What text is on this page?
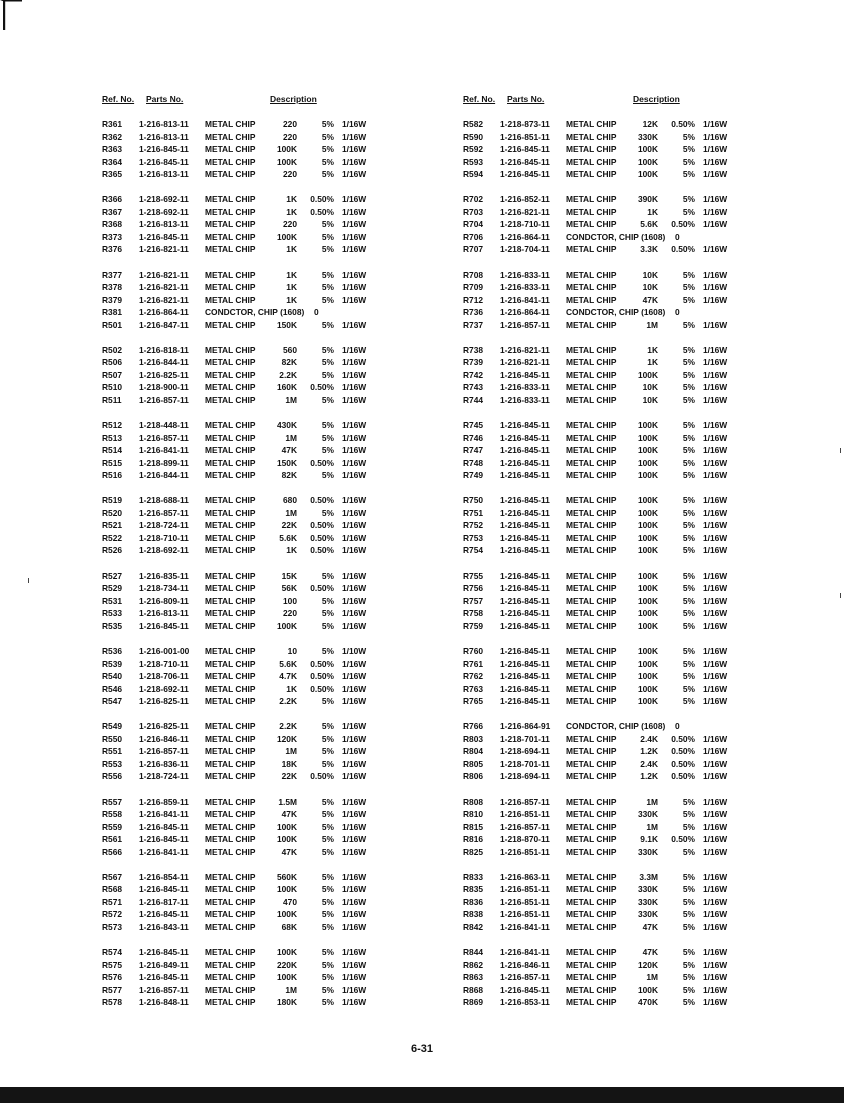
Ref. No. Parts No.	Description
R361 1-216-813-11 METAL CHIP	220	5% 1/16W
R362 1-216-813-11 METAL CHIP	220	5% 1/16W
R363 1-216-845-11 METAL CHIP	100K	5% 1/16W
R364 1-216-845-11 METAL CHIP	100K	5% 1/16W
R365 1-216-813-11 METAL CHIP	220	5% 1/16W
R366 1-218-692-11 METAL CHIP	1K 0.50% 1/16W
R367 1-218-692-11 METAL CHIP	1K 0.50% 1/16W
R368 1-216-813-11 METAL CHIP	220	5% 1/16W
R373 1-216-845-11 METAL CHIP	100K	5% 1/16W
R376 1-216-821-11 METAL CHIP	1K	5% 1/16W
R377 1-216-821-11 METAL CHIP	1K	5% 1/16W
R378 1-216-821-11 METAL CHIP	1K	5% 1/16W
R379 1-216-821-11 METAL CHIP	1K	5% 1/16W
R381 1-216-864-11 CONDCTOR, CHIP (1608) 0
R501 1-216-847-11 METAL CHIP	150K	5% 1/16W
R502 1-216-818-11 METAL CHIP	560	5% 1/16W
R506 1-216-844-11 METAL CHIP	82K	5% 1/16W
R507 1-216-825-11 METAL CHIP	2.2K	5% 1/16W
R510 1-218-900-11 METAL CHIP	160K 0.50% 1/16W
R511 1-216-857-11 METAL CHIP	1M	5% 1/16W
R512 1-218-448-11 METAL CHIP	430K	5% 1/16W
R513 1-216-857-11 METAL CHIP	1M	5% 1/16W
R514 1-216-841-11 METAL CHIP	47K	5% 1/16W
R515 1-218-899-11 METAL CHIP	150K 0.50% 1/16W
R516 1-216-844-11 METAL CHIP	82K	5% 1/16W
R519 1-218-688-11 METAL CHIP	680 0.50% 1/16W
R520 1-216-857-11 METAL CHIP	1M	5% 1/16W
R521 1-218-724-11 METAL CHIP	22K 0.50% 1/16W
R522 1-218-710-11 METAL CHIP	5.6K 0.50% 1/16W
R526 1-218-692-11 METAL CHIP	1K 0.50% 1/16W
R527 1-216-835-11 METAL CHIP	15K	5% 1/16W
R529 1-218-734-11 METAL CHIP	56K 0.50% 1/16W
R531 1-216-809-11 METAL CHIP	100	5% 1/16W
R533 1-216-813-11 METAL CHIP	220	5% 1/16W
R535 1-216-845-11 METAL CHIP	100K	5% 1/16W
R536 1-216-001-00 METAL CHIP	10	5% 1/10W
R539 1-218-710-11 METAL CHIP	5.6K 0.50% 1/16W
R540 1-218-706-11 METAL CHIP	4.7K 0.50% 1/16W
R546 1-218-692-11 METAL CHIP	1K 0.50% 1/16W
R547 1-216-825-11 METAL CHIP	2.2K	5% 1/16W
R549 1-216-825-11 METAL CHIP	2.2K	5% 1/16W
R550 1-216-846-11 METAL CHIP	120K	5% 1/16W
R551 1-216-857-11 METAL CHIP	1M	5% 1/16W
R553 1-216-836-11 METAL CHIP	18K	5% 1/16W
R556 1-218-724-11 METAL CHIP	22K 0.50% 1/16W
R557 1-216-859-11 METAL CHIP	1.5M	5% 1/16W
R558 1-216-841-11 METAL CHIP	47K	5% 1/16W
R559 1-216-845-11 METAL CHIP	100K	5% 1/16W
R561 1-216-845-11 METAL CHIP	100K	5% 1/16W
R566 1-216-841-11 METAL CHIP	47K	5% 1/16W
R567 1-216-854-11 METAL CHIP	560K	5% 1/16W
R568 1-216-845-11 METAL CHIP	100K	5% 1/16W
R571 1-216-817-11 METAL CHIP	470	5% 1/16W
R572 1-216-845-11 METAL CHIP	100K	5% 1/16W
R573 1-216-843-11 METAL CHIP	68K	5% 1/16W
R574 1-216-845-11 METAL CHIP	100K	5% 1/16W
R575 1-216-849-11 METAL CHIP	220K	5% 1/16W
R576 1-216-845-11 METAL CHIP	100K	5% 1/16W
R577 1-216-857-11 METAL CHIP	1M	5% 1/16W
R578 1-216-848-11 METAL CHIP	180K	5% 1/16W
Ref. No. Parts No.	Description
R582 1-218-873-11 METAL CHIP	12K 0.50% 1/16W
R590 1-216-851-11 METAL CHIP	330K	5% 1/16W
R592 1-216-845-11 METAL CHIP	100K	5% 1/16W
R593 1-216-845-11 METAL CHIP	100K	5% 1/16W
R594 1-216-845-11 METAL CHIP	100K	5% 1/16W
R702 1-216-852-11 METAL CHIP	390K	5% 1/16W
R703 1-216-821-11 METAL CHIP	1K	5% 1/16W
R704 1-218-710-11 METAL CHIP	5.6K 0.50% 1/16W
R706 1-216-864-11 CONDCTOR, CHIP (1608) 0
R707 1-218-704-11 METAL CHIP	3.3K 0.50% 1/16W
R708 1-216-833-11 METAL CHIP	10K	5% 1/16W
R709 1-216-833-11 METAL CHIP	10K	5% 1/16W
R712 1-216-841-11 METAL CHIP	47K	5% 1/16W
R736 1-216-864-11 CONDCTOR, CHIP (1608) 0
R737 1-216-857-11 METAL CHIP	1M	5% 1/16W
R738 1-216-821-11 METAL CHIP	1K	5% 1/16W
R739 1-216-821-11 METAL CHIP	1K	5% 1/16W
R742 1-216-845-11 METAL CHIP	100K	5% 1/16W
R743 1-216-833-11 METAL CHIP	10K	5% 1/16W
R744 1-216-833-11 METAL CHIP	10K	5% 1/16W
R745 1-216-845-11 METAL CHIP	100K	5% 1/16W
R746 1-216-845-11 METAL CHIP	100K	5% 1/16W
R747 1-216-845-11 METAL CHIP	100K	5% 1/16W
R748 1-216-845-11 METAL CHIP	100K	5% 1/16W
R749 1-216-845-11 METAL CHIP	100K	5% 1/16W
R750 1-216-845-11 METAL CHIP	100K	5% 1/16W
R751 1-216-845-11 METAL CHIP	100K	5% 1/16W
R752 1-216-845-11 METAL CHIP	100K	5% 1/16W
R753 1-216-845-11 METAL CHIP	100K	5% 1/16W
R754 1-216-845-11 METAL CHIP	100K	5% 1/16W
R755 1-216-845-11 METAL CHIP	100K	5% 1/16W
R756 1-216-845-11 METAL CHIP	100K	5% 1/16W
R757 1-216-845-11 METAL CHIP	100K	5% 1/16W
R758 1-216-845-11 METAL CHIP	100K	5% 1/16W
R759 1-216-845-11 METAL CHIP	100K	5% 1/16W
R760 1-216-845-11 METAL CHIP	100K	5% 1/16W
R761 1-216-845-11 METAL CHIP	100K	5% 1/16W
R762 1-216-845-11 METAL CHIP	100K	5% 1/16W
R763 1-216-845-11 METAL CHIP	100K	5% 1/16W
R765 1-216-845-11 METAL CHIP	100K	5% 1/16W
R766 1-216-864-91 CONDCTOR, CHIP (1608) 0
R803 1-218-701-11 METAL CHIP	2.4K 0.50% 1/16W
R804 1-218-694-11 METAL CHIP	1.2K 0.50% 1/16W
R805 1-218-701-11 METAL CHIP	2.4K 0.50% 1/16W
R806 1-218-694-11 METAL CHIP	1.2K 0.50% 1/16W
R808 1-216-857-11 METAL CHIP	1M	5% 1/16W
R810 1-216-851-11 METAL CHIP	330K	5% 1/16W
R815 1-216-857-11 METAL CHIP	1M	5% 1/16W
R816 1-218-870-11 METAL CHIP	9.1K 0.50% 1/16W
R825 1-216-851-11 METAL CHIP	330K	5% 1/16W
R833 1-216-863-11 METAL CHIP	3.3M	5% 1/16W
R835 1-216-851-11 METAL CHIP	330K	5% 1/16W
R836 1-216-851-11 METAL CHIP	330K	5% 1/16W
R838 1-216-851-11 METAL CHIP	330K	5% 1/16W
R842 1-216-841-11 METAL CHIP	47K	5% 1/16W
R844 1-216-841-11 METAL CHIP	47K	5% 1/16W
R862 1-216-846-11 METAL CHIP	120K	5% 1/16W
R863 1-216-857-11 METAL CHIP	1M	5% 1/16W
R868 1-216-845-11 METAL CHIP	100K	5% 1/16W
R869 1-216-853-11 METAL CHIP	470K	5% 1/16W
6-31
